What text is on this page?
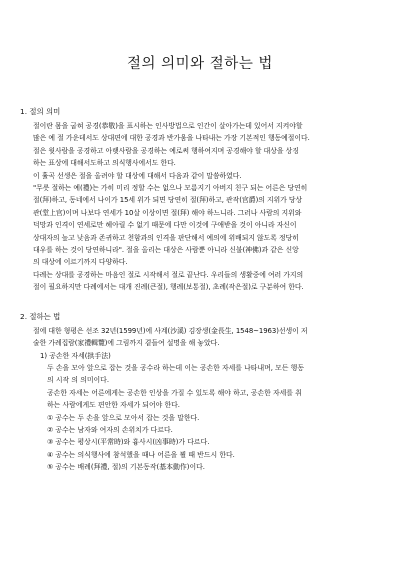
절의 의미와 절하는 법

1. 절의 의미

절이란 몸을 굽혀 공경(恭敬)을 표시하는 인사방법으로 인간이 살아가는데 있어서 지켜야할
많은 예 절 가운데서도 상대편에 대한 공경과 반가움을 나타내는 가장 기본적인 행동예절이다.
절은 윗사람을 공경하고 아랫사람을 공경하는 예로써 행하여지며 공경해야 할 대상을 상징
하는 표상에 대해서도하고 의식행사에서도 한다.
이 휼곡 선생은 절을 올려야 할 대상에 대해서 다음과 같이 말씀하였다.
"무릇 절하는 예(禮)는 가히 미리 정할 수는 없으나 모름지기 아버지 친구 되는 어른은 당연히
절(拜)하고, 동네에서 나이가 15세 위가 되면 당연히 절(拜)하고, 관작(官爵)의 지위가 당상
관(堂上官)이며 나보다 연세가 10살 이상이면 절(拜) 해야 하느니라. 그러나 사람의 지위와
덕망과 인격이 연세로만 헤아릴 수 없기 때문에 다만 이것에 구애받을 것이 아니라 자신이
상대자의 높고 낮음과 존귀하고 천함과의 인격을 판단해서 예의에 위배되지 않도록 정당히
대우를 하는 것이 당연하니라". 절을 올리는 대상은 사람뿐 아니라 신불(神佛)과 같은 신앙
의 대상에 이르기까지 다양하다.
다례는 상대를 공경하는 마음인 절로 시작해서 절로 끝난다. 우리들의 생활중에 여러 가지의
절이 필요하지만 다례에서는 대개 진례(큰절), 행례(보통절), 초례(작은절)로 구분하여 한다.

2. 절하는 법

절에 대한 형평은 선조 32년(1599년)에 사계(沙溪) 김장생(金長生, 1548~1963)선생이 저
술한 가례집람(家禮輯覽)에 그림까지 곁들여 설명을 해 놓았다.

1) 공손한 자세(拱手法)

두 손을 모아 앞으로 잡는 것을 공수라 하는데 이는 공손한 자세를 나타내며, 모든 행동
의 시작 의 의미이다.
공손한 자세는 어른에게는 공손한 인상을 가질 수 있도록 해야 하고, 공손한 자세를 취
하는 사람에게도 편안한 자세가 되어야 한다.

① 공수는 두 손을 앞으로 모아서 잡는 것을 말한다.

② 공수는 남자와 여자의 손위치가 다르다.

③ 공수는 평상시(平常時)와 흉사시(凶事時)가 다르다.

④ 공수는 의식행사에 참석했을 때나 어른을 뵐 때 반드시 한다.

⑤ 공수는 배례(拜禮, 절)의 기본동작(基本動作)이다.
